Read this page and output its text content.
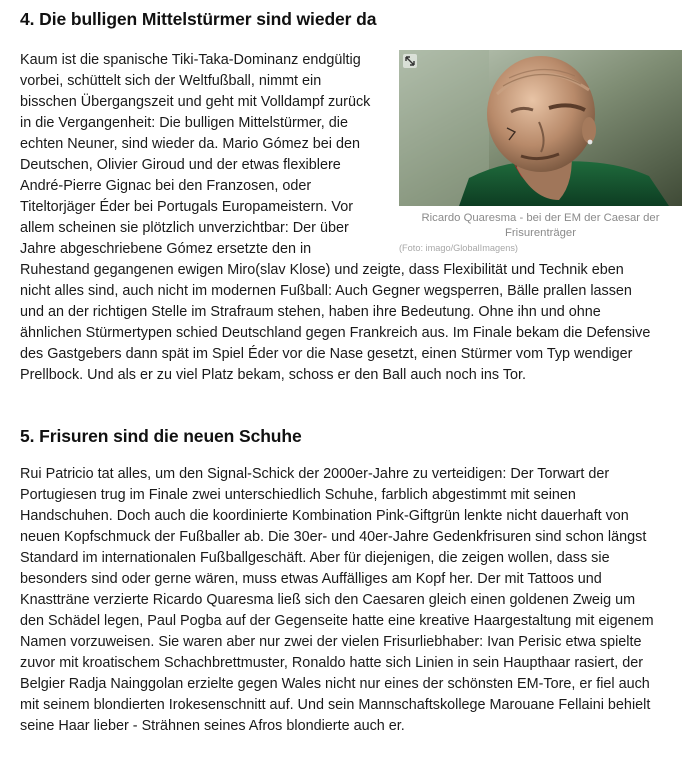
4. Die bulligen Mittelstürmer sind wieder da
Ricardo Quaresma - bei der EM der Caesar der Frisurenträger
(Foto: imago/GlobalImagens)
Kaum ist die spanische Tiki-Taka-Dominanz endgültig
vorbei, schüttelt sich der Weltfußball, nimmt ein
bisschen Übergangszeit und geht mit Volldampf zurück
in die Vergangenheit: Die bulligen Mittelstürmer, die
echten Neuner, sind wieder da. Mario Gómez bei den
Deutschen, Olivier Giroud und der etwas flexiblere
André-Pierre Gignac bei den Franzosen, oder
Titeltorjäger Éder bei Portugals Europameistern. Vor
allem scheinen sie plötzlich unverzichtbar: Der über
Jahre abgeschriebene Gómez ersetzte den in
Ruhestand gegangenen ewigen Miro(slav Klose) und zeigte, dass Flexibilität und Technik eben
nicht alles sind, auch nicht im modernen Fußball: Auch Gegner wegsperren, Bälle prallen lassen
und an der richtigen Stelle im Strafraum stehen, haben ihre Bedeutung. Ohne ihn und ohne
ähnlichen Stürmertypen schied Deutschland gegen Frankreich aus. Im Finale bekam die Defensive
des Gastgebers dann spät im Spiel Éder vor die Nase gesetzt, einen Stürmer vom Typ wendiger
Prellbock. Und als er zu viel Platz bekam, schoss er den Ball auch noch ins Tor.
5. Frisuren sind die neuen Schuhe
Rui Patricio tat alles, um den Signal-Schick der 2000er-Jahre zu verteidigen: Der Torwart der
Portugiesen trug im Finale zwei unterschiedlich Schuhe, farblich abgestimmt mit seinen
Handschuhen. Doch auch die koordinierte Kombination Pink-Giftgrün lenkte nicht dauerhaft von
neuen Kopfschmuck der Fußballer ab. Die 30er- und 40er-Jahre Gedenkfrisuren sind schon längst
Standard im internationalen Fußballgeschäft. Aber für diejenigen, die zeigen wollen, dass sie
besonders sind oder gerne wären, muss etwas Auffälliges am Kopf her. Der mit Tattoos und
Knastträne verzierte Ricardo Quaresma ließ sich den Caesaren gleich einen goldenen Zweig um
den Schädel legen, Paul Pogba auf der Gegenseite hatte eine kreative Haargestaltung mit eigenem
Namen vorzuweisen. Sie waren aber nur zwei der vielen Frisurliebhaber: Ivan Perisic etwa spielte
zuvor mit kroatischem Schachbrettmuster, Ronaldo hatte sich Linien in sein Haupthaar rasiert, der
Belgier Radja Nainggolan erzielte gegen Wales nicht nur eines der schönsten EM-Tore, er fiel auch
mit seinem blondierten Irokesenschnitt auf. Und sein Mannschaftskollege Marouane Fellaini behielt
seine Haar lieber - Strähnen seines Afros blondierte auch er.
